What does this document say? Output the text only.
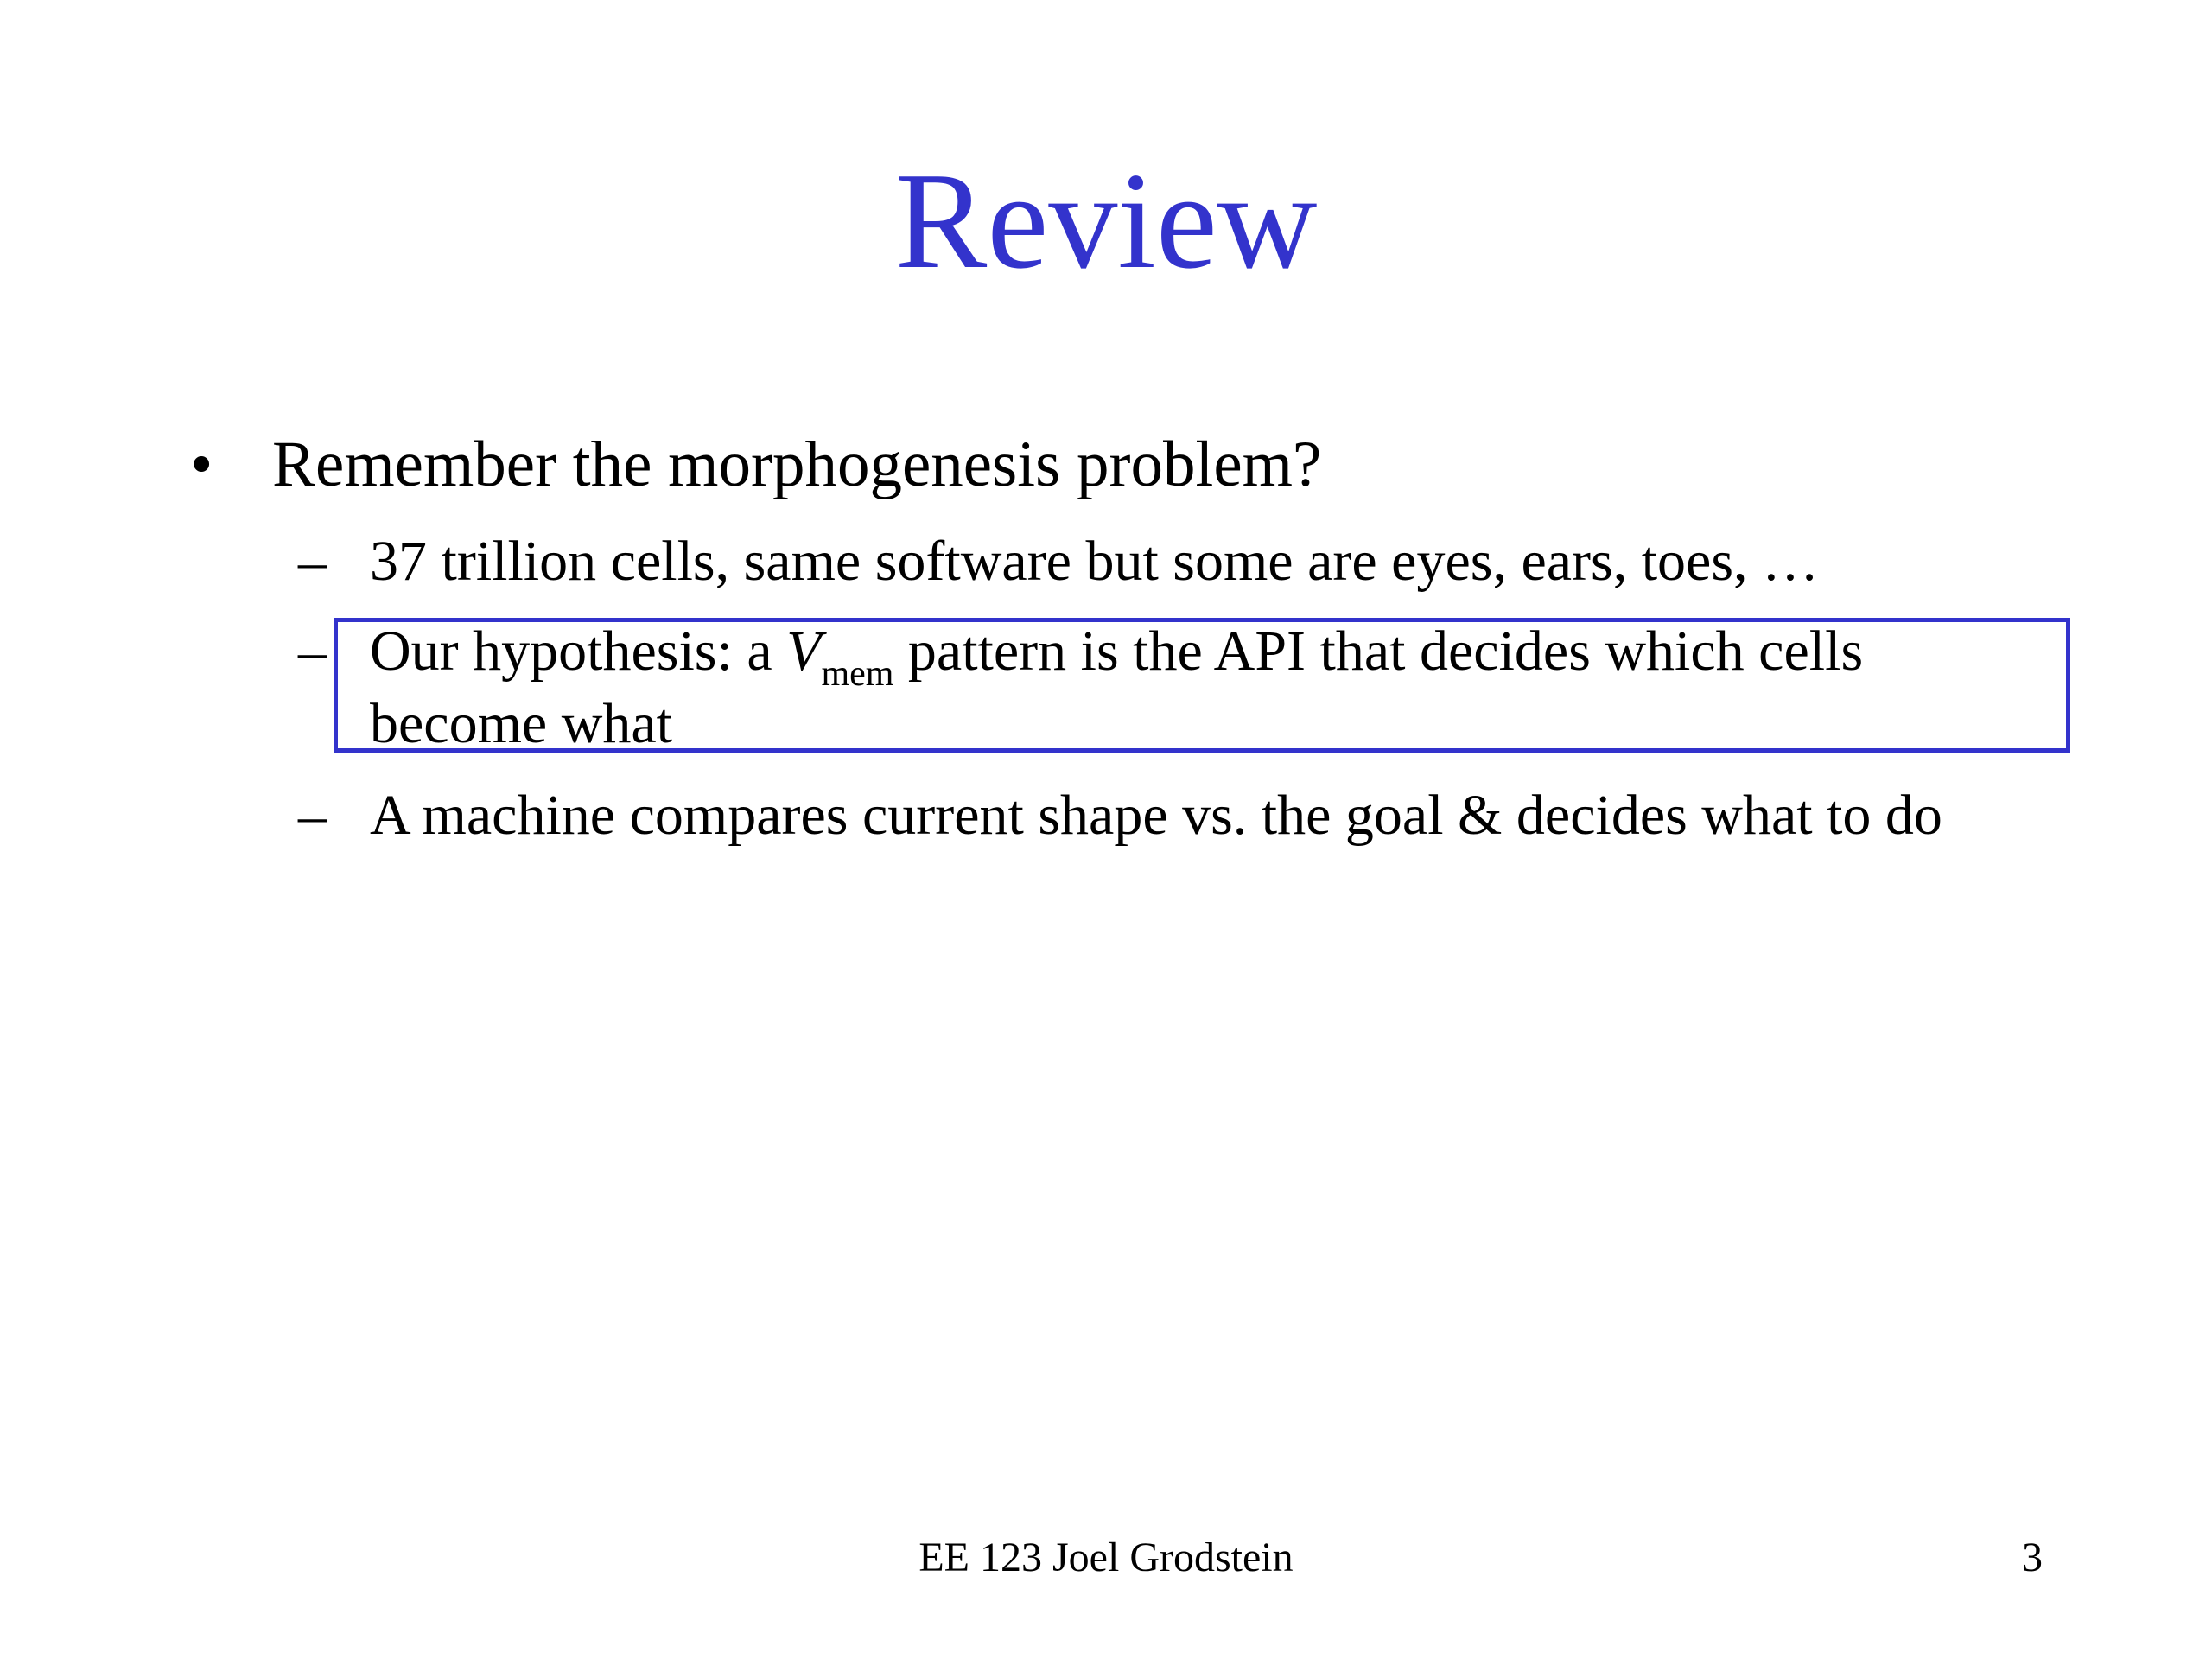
Review
• Remember the morphogenesis problem?
– 37 trillion cells, same software but some are eyes, ears, toes, …
– Our hypothesis: a $V_{mem}$ pattern is the API that decides which cells
become what
– A machine compares current shape vs. the goal & decides what to do
EE 123 Joel Grodstein	3
